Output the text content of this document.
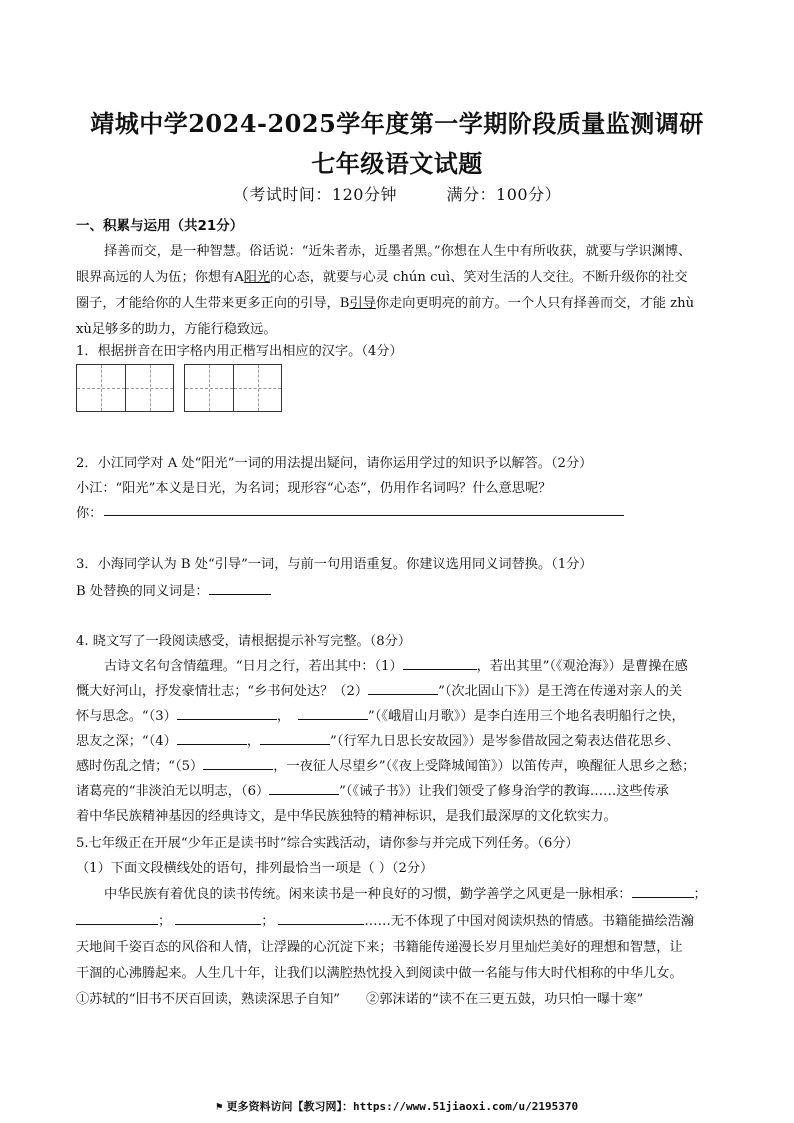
靖城中学2024-2025学年度第一学期阶段质量监测调研
七年级语文试题
（考试时间：120分钟	满分：100分）
一、积累与运用（共21分）
择善而交，是一种智慧。俗话说：“近朱者赤，近墨者黑。”你想在人生中有所收获，就要与学识渊博、
眼界高远的人为伍；你想有A阳光的心态，就要与心灵 chún cuì、笑对生活的人交往。不断升级你的社交
圈子，才能给你的人生带来更多正向的引导，B引导你走向更明亮的前方。一个人只有择善而交，才能 zhù
xù足够多的助力，方能行稳致远。
1．根据拼音在田字格内用正楷写出相应的汉字。（4分）
2．小江同学对 A 处“阳光”一词的用法提出疑问，请你运用学过的知识予以解答。（2分）
小江：“阳光”本义是日光，为名词；现形容“心态”，仍用作名词吗？什么意思呢？
你：
3．小海同学认为 B 处“引导”一词，与前一句用语重复。你建议选用同义词替换。（1分）
B 处替换的同义词是：
4. 晓文写了一段阅读感受，请根据提示补写完整。（8分）
古诗文名句含情蕴理。“日月之行，若出其中：（1）	，若出其里”（《观沧海》）是曹操在感
慨大好河山，抒发豪情壮志；“乡书何处达？（2）	”（次北固山下》）是王湾在传递对亲人的关
怀与思念。“（3）	，	”（《峨眉山月歌》）是李白连用三个地名表明船行之快，
思友之深；“（4）	，	”（行军九日思长安故园》）是岑参借故园之菊表达借花思乡、
感时伤乱之情；“（5）	，一夜征人尽望乡”（《夜上受降城闻笛》）以笛传声，唤醒征人思乡之愁；
诸葛亮的“非淡泊无以明志，（6）	”（《诫子书》）让我们领受了修身治学的教诲……这些传承
着中华民族精神基因的经典诗文，是中华民族独特的精神标识，是我们最深厚的文化软实力。
5.七年级正在开展“少年正是读书时”综合实践活动，请你参与并完成下列任务。（6分）
（1）下面文段横线处的语句，排列最恰当一项是（ ）（2分）
中华民族有着优良的读书传统。闲来读书是一种良好的习惯，勤学善学之风更是一脉相承：	；
；	；	……无不体现了中国对阅读炽热的情感。书籍能描绘浩瀚
天地间千姿百态的风俗和人情，让浮躁的心沉淀下来；书籍能传递漫长岁月里灿烂美好的理想和智慧，让
干涸的心沸腾起来。人生几十年，让我们以满腔热忱投入到阅读中做一名能与伟大时代相称的中华儿女。
①苏轼的“旧书不厌百回读，熟读深思子自知” ②郭沫诺的“读不在三更五鼓，功只怕一曝十寒”
⚑ 更多资料访问【教习网】：https://www.51jiaoxi.com/u/2195370
